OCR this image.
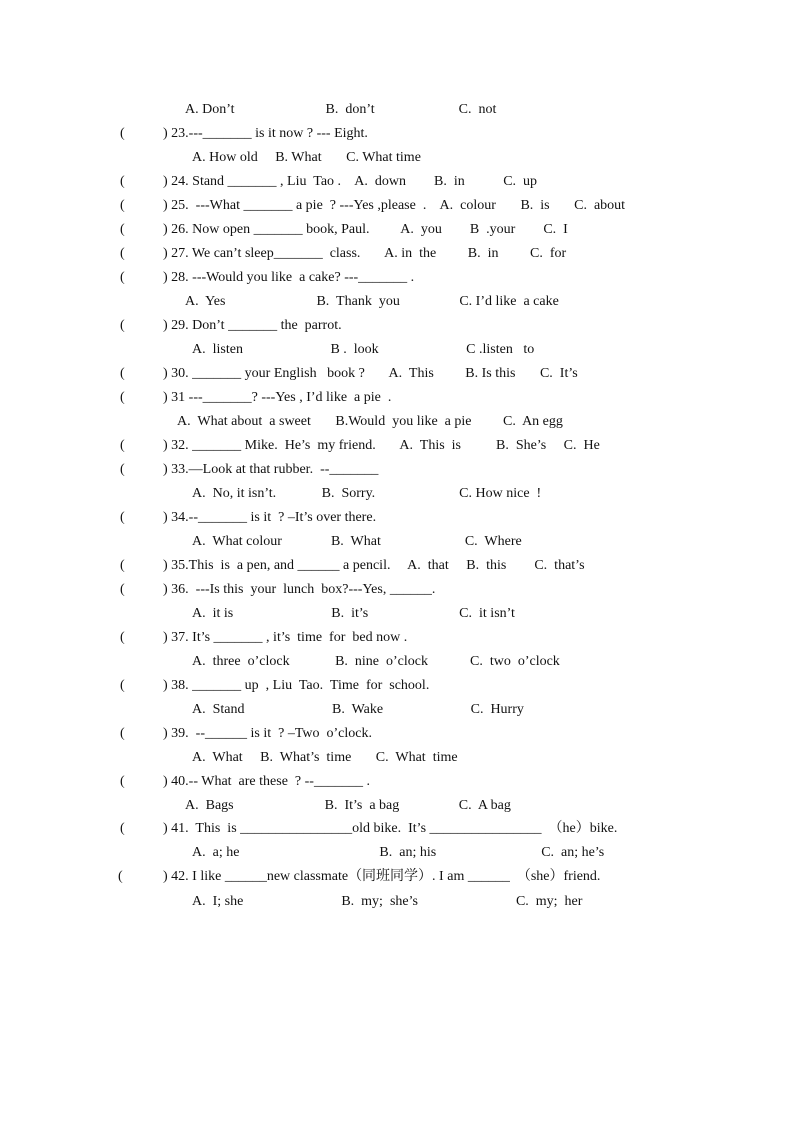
A. Don’t                          B.  don’t                        C.  not
(	) 23.---_______ is it now ? --- Eight.
A. How old     B. What       C. What time
(	) 24. Stand _______ , Liu  Tao .    A.  down        B.  in           C.  up
(	) 25.  ---What _______ a pie  ? ---Yes ,please  .    A.  colour       B.  is       C.  about
(	) 26. Now open _______ book, Paul.         A.  you        B  .your        C.  I
(	) 27. We can’t sleep_______  class.       A. in  the         B.  in         C.  for
(	) 28. ---Would you like  a cake? ---_______ .
A.  Yes                          B.  Thank  you                 C. I’d like  a cake
(	) 29. Don’t _______ the  parrot.
A.  listen                         B .  look                         C .listen   to
(	) 30. _______ your English   book ?       A.  This         B. Is this       C.  It’s
(	) 31 ---_______? ---Yes , I’d like  a pie  .
A.  What about  a sweet       B.Would  you like  a pie         C.  An egg
(	) 32. _______ Mike.  He’s  my friend.       A.  This  is          B.  She’s     C.  He
(	) 33.—Look at that rubber.  --_______
A.  No, it isn’t.             B.  Sorry.                        C. How nice  !
(	) 34.--_______ is it  ? –It’s over there.
A.  What colour              B.  What                        C.  Where
(	) 35.This  is  a pen, and ______ a pencil.     A.  that     B.  this        C.  that’s
(	) 36.  ---Is this  your  lunch  box?---Yes, ______.
A.  it is                            B.  it’s                          C.  it isn’t
(	) 37. It’s _______ , it’s  time  for  bed now .
A.  three  o’clock             B.  nine  o’clock            C.  two  o’clock
(	) 38. _______ up  , Liu  Tao.  Time  for  school.
A.  Stand                         B.  Wake                         C.  Hurry
(	) 39.  --______ is it  ? –Two  o’clock.
A.  What     B.  What’s  time       C.  What  time
(	) 40.-- What  are these  ? --_______ .
A.  Bags                          B.  It’s  a bag                 C.  A bag
(	) 41.  This  is ________________old bike.  It’s ________________  （he）bike.
A.  a; he                                        B.  an; his                              C.  an; he’s
(	) 42. I like ______new classmate（同班同学）. I am ______  （she）friend.
A.  I; she                            B.  my;  she’s                            C.  my;  her
